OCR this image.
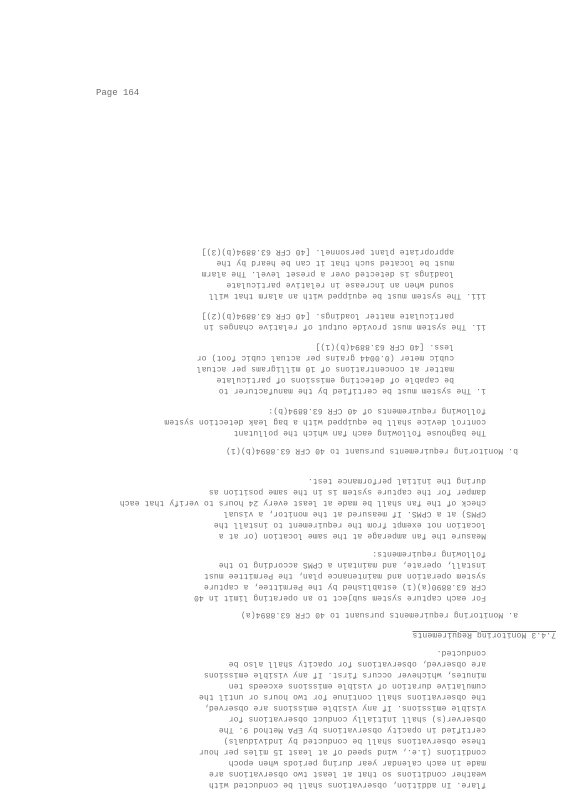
Page 164
flare. In addition, observations shall be conducted with
weather conditions so that at least two observations are
made in each calendar year during periods when epoch
conditions (i.e., wind speed of at least 15 miles per hour
these observations shall be conducted by individuals)
certified in opacity observations by EPA Method 9. The
observer(s) shall initially conduct observations for
visible emissions. If any visible emissions are observed,
the observations shall continue for two hours or until the
cumulative duration of visible emissions exceeds ten
minutes, whichever occurs first. If any visible emissions
are observed, observations for opacity shall also be
conducted.
7.4.3 Monitoring Requirements
a. Monitoring requirements pursuant to 40 CFR 63.8894(a)
For each capture system subject to an operating limit in 40
CFR 63.8890(a)(1) established by the Permittee, a capture
system operation and maintenance plan, the Permittee must
install, operate, and maintain a CPMS according to the
following requirements:
Measure the fan amperage at the same location (or at a
location not exempt from the requirement to install the
CPMS) at a CPMS. If measured at the monitor, a visual
check of the fan shall be made at least every 24 hours to verify that each
damper for the capture system is in the same position as
during the initial performance test.
b. Monitoring requirements pursuant to 40 CFR 63.8894(b)(1)
The baghouse following each fan which the pollutant
control device shall be equipped with a bag leak detection system
following requirements of 40 CFR 63.8894(b):
i. The system must be certified by the manufacturer to
be capable of detecting emissions of particulate
matter at concentrations of 10 milligrams per actual
cubic meter (0.0044 grains per actual cubic foot) or
less. [40 CFR 63.8894(b)(1)]
ii. The system must provide output of relative changes in
particulate matter loadings. [40 CFR 63.8894(b)(2)]
iii. The system must be equipped with an alarm that will
sound when an increase in relative particulate
loadings is detected over a preset level. The alarm
must be located such that it can be heard by the
appropriate plant personnel. [40 CFR 63.8894(b)(3)]
